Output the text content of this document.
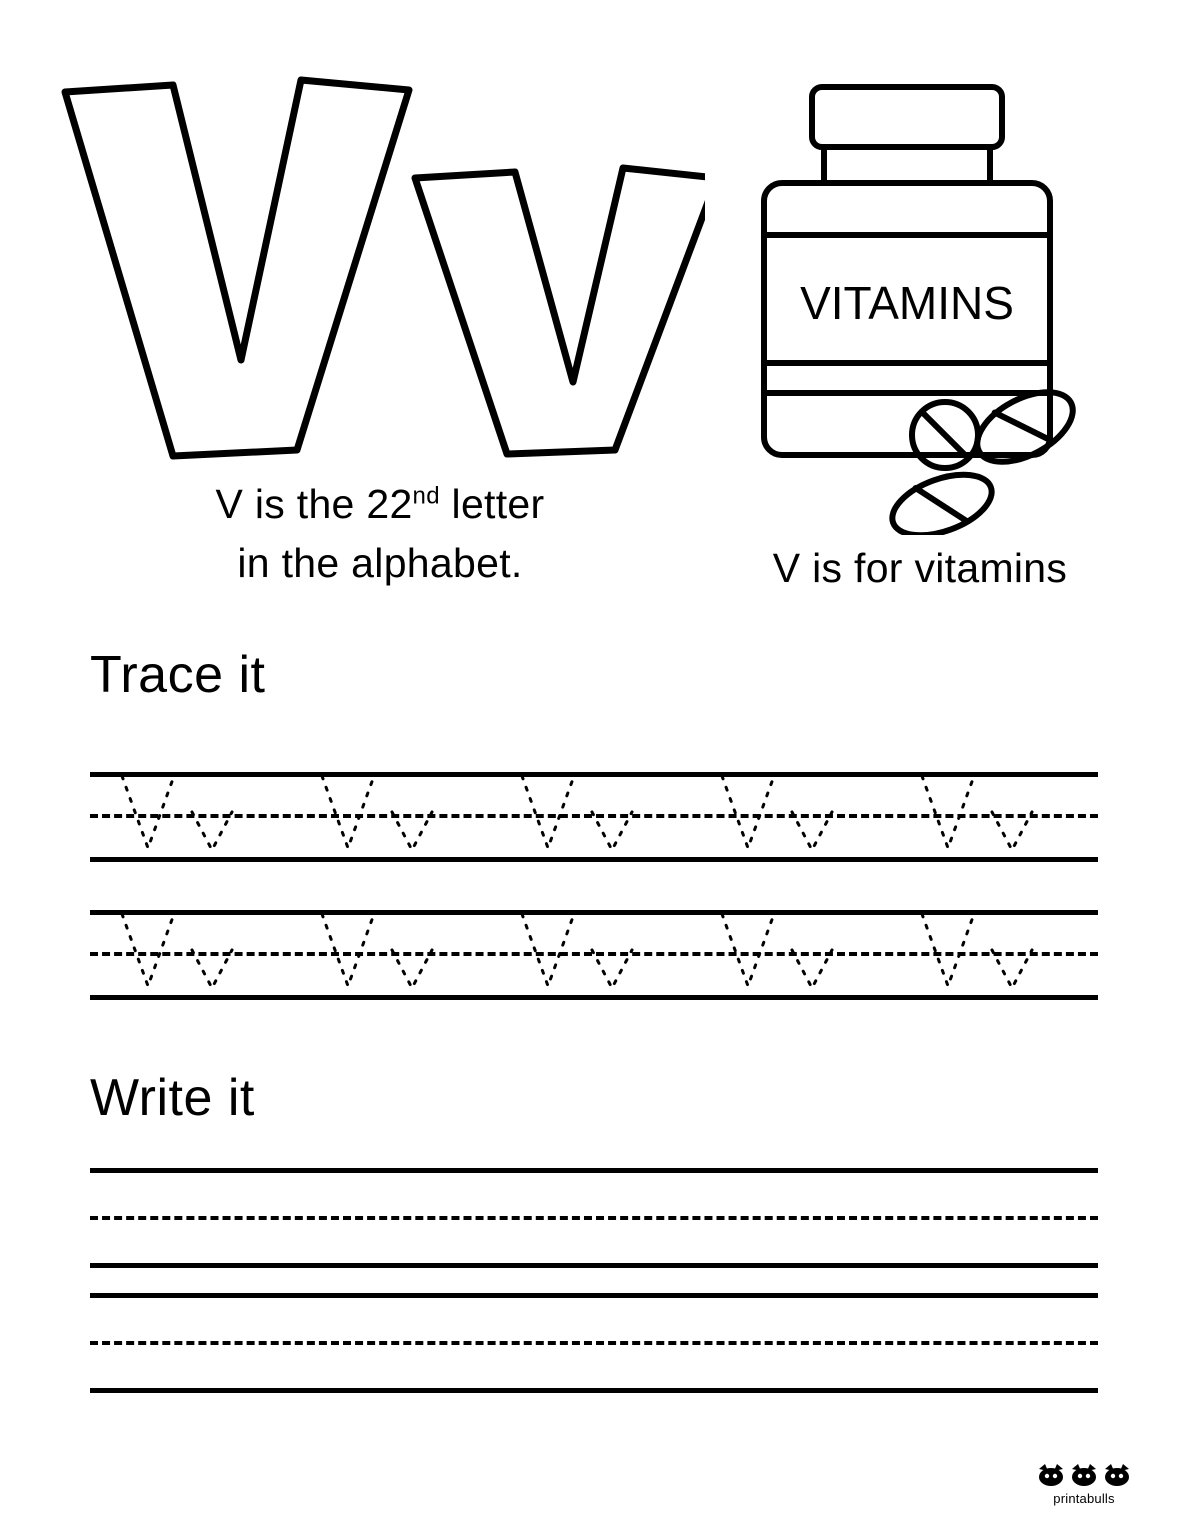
V is the 22nd letter
in the alphabet.
VITAMINS
V is for vitamins
Trace it
Write it
printabulls
